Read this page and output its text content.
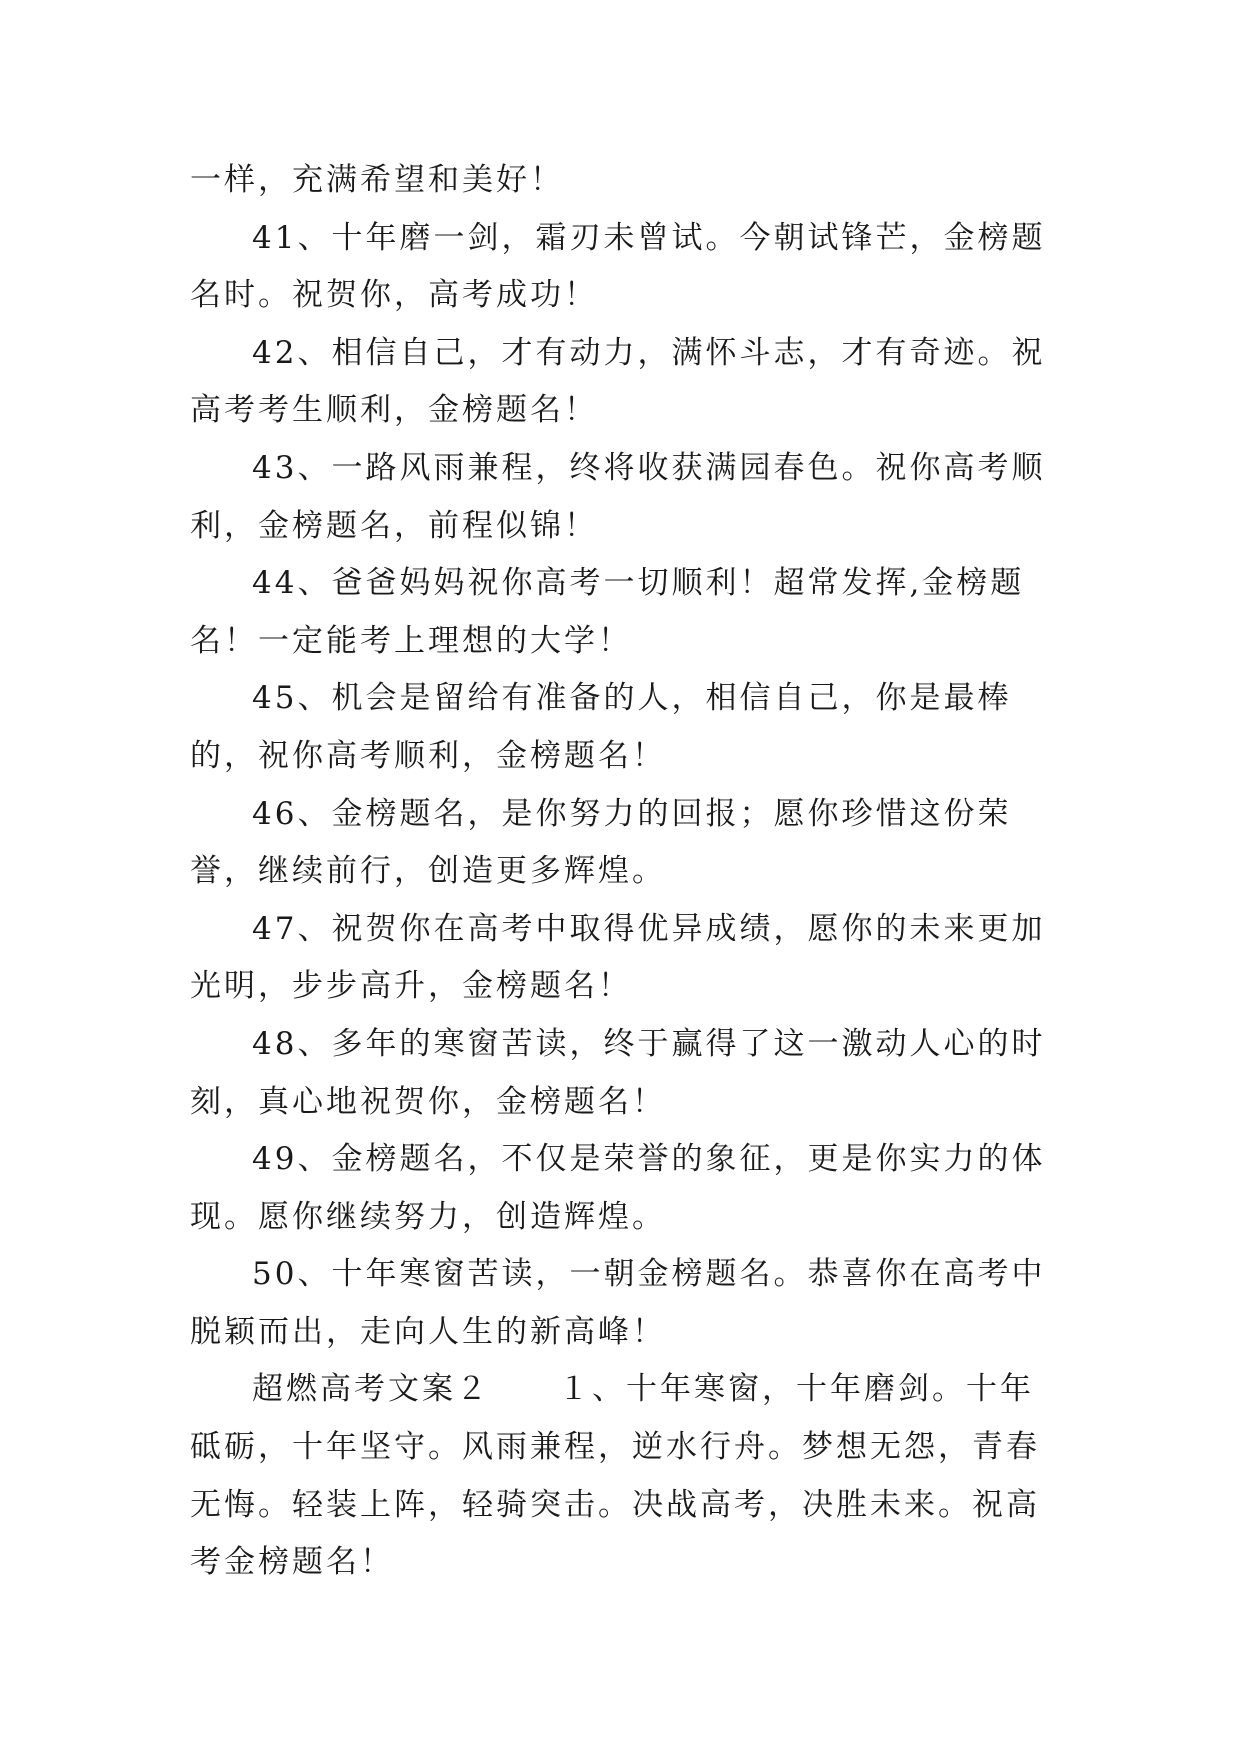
一样，充满希望和美好！

41、十年磨一剑，霜刃未曾试。今朝试锋芒，金榜题名时。祝贺你，高考成功！

42、相信自己，才有动力，满怀斗志，才有奇迹。祝高考考生顺利，金榜题名！

43、一路风雨兼程，终将收获满园春色。祝你高考顺利，金榜题名，前程似锦！

44、爸爸妈妈祝你高考一切顺利！超常发挥,金榜题名！一定能考上理想的大学！

45、机会是留给有准备的人，相信自己，你是最棒的，祝你高考顺利，金榜题名！

46、金榜题名，是你努力的回报；愿你珍惜这份荣誉，继续前行，创造更多辉煌。

47、祝贺你在高考中取得优异成绩，愿你的未来更加光明，步步高升，金榜题名！

48、多年的寒窗苦读，终于赢得了这一激动人心的时刻，真心地祝贺你，金榜题名！

49、金榜题名，不仅是荣誉的象征，更是你实力的体现。愿你继续努力，创造辉煌。

50、十年寒窗苦读，一朝金榜题名。恭喜你在高考中脱颖而出，走向人生的新高峰！

超燃高考文案２　　１、十年寒窗，十年磨剑。十年砥砺，十年坚守。风雨兼程，逆水行舟。梦想无怨，青春无悔。轻装上阵，轻骑突击。决战高考，决胜未来。祝高考金榜题名！
